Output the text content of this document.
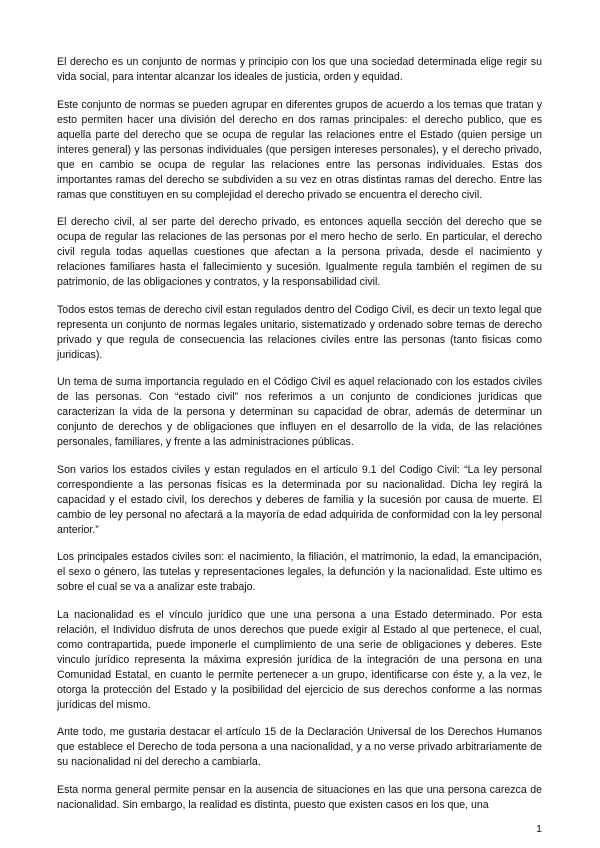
El derecho es un conjunto de normas y principio con los que una sociedad determinada elige regir su vida social, para intentar alcanzar los ideales de justicia, orden y equidad.

Este conjunto de normas se pueden agrupar en diferentes grupos de acuerdo a los temas que tratan y esto permiten hacer una división del derecho en dos ramas principales: el derecho publico, que es aquella parte del derecho que se ocupa de regular las relaciones entre el Estado (quien persige un interes general) y las personas individuales (que persigen intereses personales), y el derecho privado, que en cambio se ocupa de regular las relaciones entre las personas individuales. Estas dos importantes ramas del derecho se subdividen a su vez en otras distintas ramas del derecho. Entre las ramas que constituyen en su complejidad el derecho privado se encuentra el derecho civil.

El derecho civil, al ser parte del derecho privado, es entonces aquella sección del derecho que se ocupa de regular las relaciones de las personas por el mero hecho de serlo. En particular, el derecho civil regula todas aquellas cuestiones que afectan a la persona privada, desde el nacimiento y relaciones familiares hasta el fallecimiento y sucesión. Igualmente regula también el regimen de su patrimonio, de las obligaciones y contratos, y la responsabilidad civil.

Todos estos temas de derecho civil estan regulados dentro del Codigo Civil, es decir un texto legal que representa un conjunto de normas legales unitario, sistematizado y ordenado sobre temas de derecho privado y que regula de consecuencia las relaciones civiles entre las personas (tanto fisicas como juridicas).

Un tema de suma importancia regulado en el Código Civil es aquel relacionado con los estados civiles de las personas. Con “estado civil” nos referimos a un conjunto de condiciones jurídicas que caracterizan la vida de la persona y determinan su capacidad de obrar, además de determinar un conjunto de derechos y de obligaciones que influyen en el desarrollo de la vida, de las relaciónes personales, familiares, y frente a las administraciones públicas.

Son varios los estados civiles y estan regulados en el articulo 9.1 del Codigo Civil: “La ley personal correspondiente a las personas físicas es la determinada por su nacionalidad. Dicha ley regirá la capacidad y el estado civil, los derechos y deberes de familia y la sucesión por causa de muerte. El cambio de ley personal no afectará a la mayoría de edad adquirida de conformidad con la ley personal anterior.”

Los principales estados civiles son: el nacimiento, la filiación, el matrimonio, la edad, la emancipación, el sexo o género, las tutelas y representaciones legales, la defunción y la nacionalidad. Este ultimo es sobre el cual se va a analizar este trabajo.

La nacionalidad es el vínculo jurídico que une una persona a una Estado determinado. Por esta relación, el Individuo disfruta de unos derechos que puede exigir al Estado al que pertenece, el cual, como contrapartida, puede imponerle el cumplimiento de una serie de obligaciones y deberes. Este vinculo jurídico representa la máxima expresión jurídica de la integración de una persona en una Comunidad Estatal, en cuanto le permite pertenecer a un grupo, identificarse con éste y, a la vez, le otorga la protección del Estado y la posibilidad del ejercicio de sus derechos conforme a las normas jurídicas del mismo.

Ante todo, me gustaria destacar el artículo 15 de la Declaración Universal de los Derechos Humanos que establece el Derecho de toda persona a una nacionalidad, y a no verse privado arbitrariamente de su nacionalidad ni del derecho a cambiarla.

Esta norma general permite pensar en la ausencia de situaciones en las que una persona carezca de nacionalidad. Sin embargo, la realidad es distinta, puesto que existen casos en los que, una

1
